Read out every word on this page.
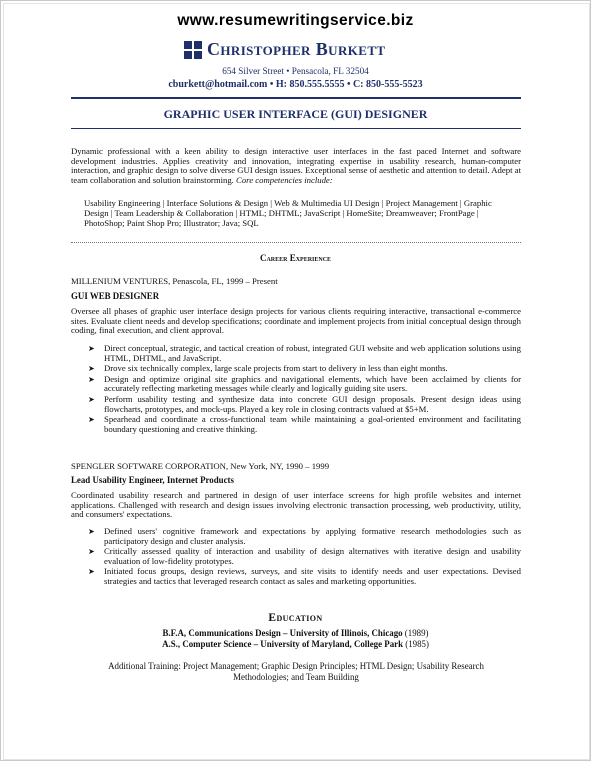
www.resumewritingservice.biz
Christopher Burkett
654 Silver Street • Pensacola, FL 32504
cburkett@hotmail.com • H: 850.555.5555 • C: 850-555-5523
GRAPHIC USER INTERFACE (GUI) DESIGNER
Dynamic professional with a keen ability to design interactive user interfaces in the fast paced Internet and software development industries. Applies creativity and innovation, integrating expertise in usability research, human-computer interaction, and graphic design to solve diverse GUI design issues. Exceptional sense of aesthetic and attention to detail. Adept at team collaboration and solution brainstorming. Core competencies include:
Usability Engineering | Interface Solutions & Design | Web & Multimedia UI Design | Project Management | Graphic Design | Team Leadership & Collaboration | HTML; DHTML; JavaScript | HomeSite; Dreamweaver; FrontPage | PhotoShop; Paint Shop Pro; Illustrator; Java; SQL
Career Experience
MILLENIUM VENTURES, Penascola, FL, 1999 – Present
GUI WEB DESIGNER
Oversee all phases of graphic user interface design projects for various clients requiring interactive, transactional e-commerce sites. Evaluate client needs and develop specifications; coordinate and implement projects from initial conceptual design through coding, final execution, and client approval.
➤ Direct conceptual, strategic, and tactical creation of robust, integrated GUI website and web application solutions using HTML, DHTML, and JavaScript.
➤ Drove six technically complex, large scale projects from start to delivery in less than eight months.
➤ Design and optimize original site graphics and navigational elements, which have been acclaimed by clients for accurately reflecting marketing messages while clearly and logically guiding site users.
➤ Perform usability testing and synthesize data into concrete GUI design proposals. Present design ideas using flowcharts, prototypes, and mock-ups. Played a key role in closing contracts valued at $5+M.
➤ Spearhead and coordinate a cross-functional team while maintaining a goal-oriented environment and facilitating boundary questioning and creative thinking.
SPENGLER SOFTWARE CORPORATION, New York, NY, 1990 – 1999
Lead Usability Engineer, Internet Products
Coordinated usability research and partnered in design of user interface screens for high profile websites and internet applications. Challenged with research and design issues involving electronic transaction processing, web productivity, utility, and consumers' expectations.
➤ Defined users' cognitive framework and expectations by applying formative research methodologies such as participatory design and cluster analysis.
➤ Critically assessed quality of interaction and usability of design alternatives with iterative design and usability evaluation of low-fidelity prototypes.
➤ Initiated focus groups, design reviews, surveys, and site visits to identify needs and user expectations. Devised strategies and tactics that leveraged research contact as sales and marketing opportunities.
Education
B.F.A, Communications Design – University of Illinois, Chicago (1989)
A.S., Computer Science – University of Maryland, College Park (1985)
Additional Training: Project Management; Graphic Design Principles; HTML Design; Usability Research Methodologies; and Team Building
